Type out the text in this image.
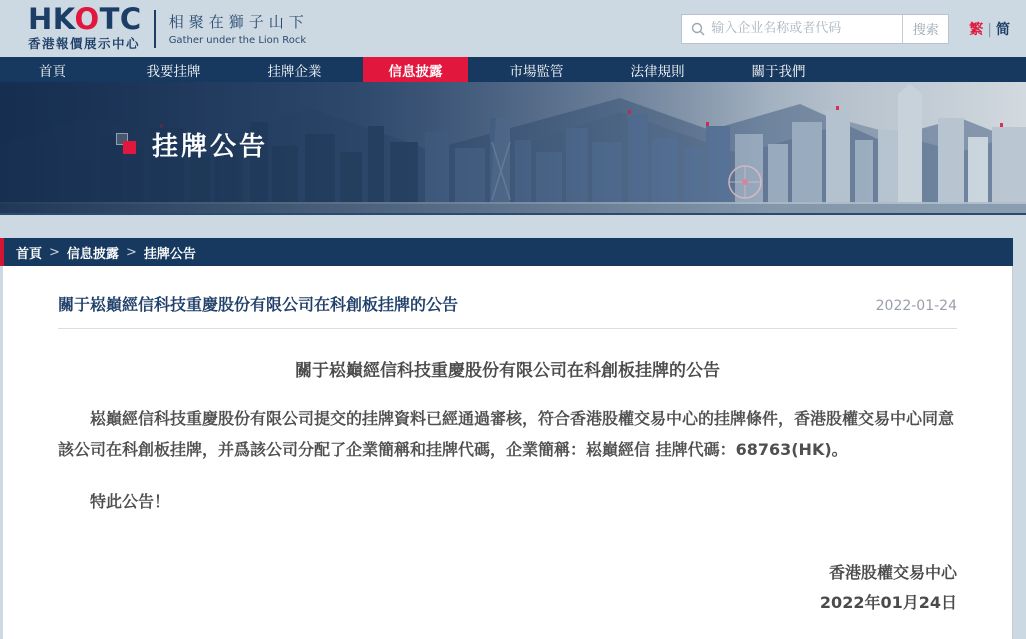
HKOTC
香港報價展示中心
相聚在獅子山下
Gather under the Lion Rock
输入企业名称或者代码
搜索	繁 | 简
首頁	我要挂牌	挂牌企業	信息披露	市場監管	法律規則	關于我們
挂牌公告
首頁 > 信息披露 > 挂牌公告
關于崧巔經信科技重慶股份有限公司在科創板挂牌的公告	2022-01-24
關于崧巔經信科技重慶股份有限公司在科創板挂牌的公告

崧巔經信科技重慶股份有限公司提交的挂牌資料已經通過審核，符合香港股權交易中心的挂牌條件，香港股權交易中心同意該公司在科創板挂牌，并爲該公司分配了企業簡稱和挂牌代碼，企業簡稱：崧巔經信 挂牌代碼：68763(HK)。

特此公告！

香港股權交易中心
2022年01月24日
